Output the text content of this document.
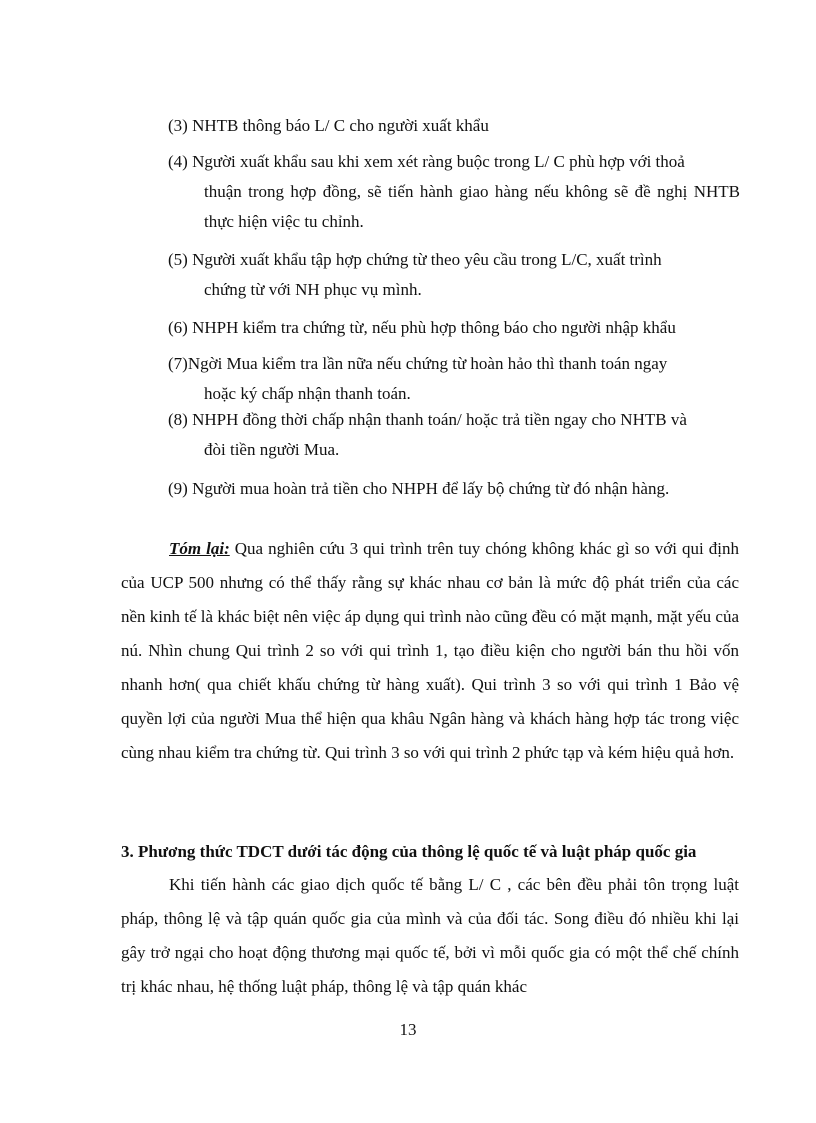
(3) NHTB thông báo L/ C cho người xuất khẩu
(4) Người xuất khẩu sau khi xem xét ràng buộc trong L/ C phù hợp với thoả
thuận trong hợp đồng, sẽ tiến hành giao hàng nếu không sẽ đề nghị NHTB thực hiện việc tu chỉnh.
(5) Người xuất khẩu tập hợp chứng từ theo yêu cầu trong L/C, xuất trình
chứng từ với NH phục vụ mình.
(6) NHPH kiểm tra chứng từ, nếu phù hợp thông báo cho người nhập khẩu
(7)Ngời Mua kiểm tra lần nữa nếu chứng từ hoàn hảo thì thanh toán ngay
hoặc ký chấp nhận thanh toán.
(8) NHPH đồng thời chấp nhận thanh toán/ hoặc trả tiền ngay cho NHTB và
đòi tiền người Mua.
(9) Người mua hoàn trả tiền cho NHPH để lấy bộ chứng từ đó nhận hàng.
Tóm lại: Qua nghiên cứu 3 qui trình trên tuy chóng không khác gì so với qui định của UCP 500 nhưng có thể thấy rằng sự khác nhau cơ bản là mức độ phát triển của các nền kinh tế là khác biệt nên việc áp dụng qui trình nào cũng đều có mặt mạnh, mặt yếu của nú. Nhìn chung Qui trình 2 so với qui trình 1, tạo điều kiện cho người bán thu hồi vốn nhanh hơn( qua chiết khấu chứng từ hàng xuất). Qui trình 3 so với qui trình 1 Bảo vệ quyền lợi của người Mua thể hiện qua khâu Ngân hàng và khách hàng hợp tác trong việc cùng nhau kiểm tra chứng từ. Qui trình 3 so với qui trình 2 phức tạp và kém hiệu quả hơn.
3. Phương thức TDCT dưới tác động của thông lệ quốc tế và luật pháp quốc gia
Khi tiến hành các giao dịch quốc tế bằng L/ C , các bên đều phải tôn trọng luật pháp, thông lệ và tập quán quốc gia của mình và của đối tác. Song điều đó nhiều khi lại gây trở ngại cho hoạt động thương mại quốc tế, bởi vì mỗi quốc gia có một thể chế chính trị khác nhau, hệ thống luật pháp, thông lệ và tập quán khác
13
